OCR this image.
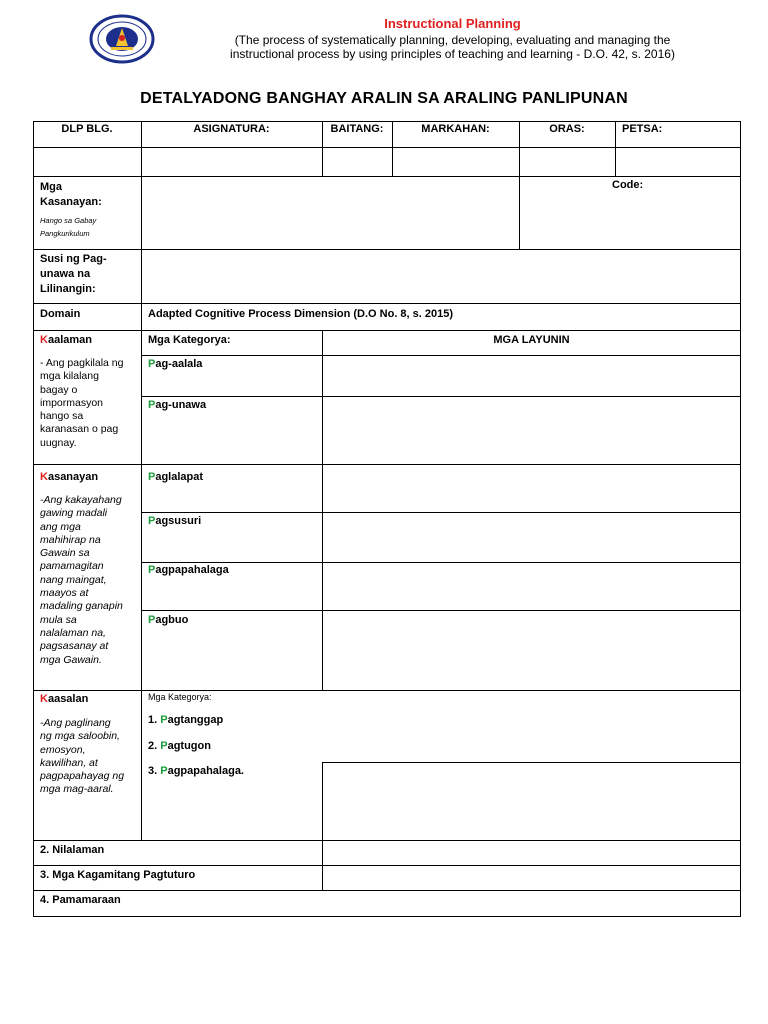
Instructional Planning
(The process of systematically planning, developing, evaluating and managing the
instructional process by using principles of teaching and learning - D.O. 42, s. 2016)
DETALYADONG BANGHAY ARALIN SA ARALING PANLIPUNAN
DLP BLG.	ASIGNATURA:	BAITANG:	MARKAHAN:	ORAS:	PETSA:
Mga
Kasanayan:
Hango sa Gabay
Pangkurikulum
Code:
Susi ng Pag-
unawa na
Lilinangin:
Domain	Adapted Cognitive Process Dimension (D.O No. 8, s. 2015)
Kaalaman
- Ang pagkilala ng
mga kilalang
bagay o
impormasyon
hango sa
karanasan o pag
uugnay.
Mga Kategorya:	MGA LAYUNIN
Pag-aalala
Pag-unawa
Kasanayan
-Ang kakayahang
gawing madali
ang mga
mahihirap na
Gawain sa
pamamagitan
nang maingat,
maayos at
madaling ganapin
mula sa
nalalaman na,
pagsasanay at
mga Gawain.
Paglalapat
Pagsusuri
Pagpapahalaga
Pagbuo
Kaasalan
-Ang paglinang
ng mga saloobin,
emosyon,
kawilihan, at
pagpapahayag ng
mga mag-aaral.
Mga Kategorya:
1. Pagtanggap
2. Pagtugon
3. Pagpapahalaga.
2. Nilalaman
3. Mga Kagamitang Pagtuturo
4. Pamamaraan
